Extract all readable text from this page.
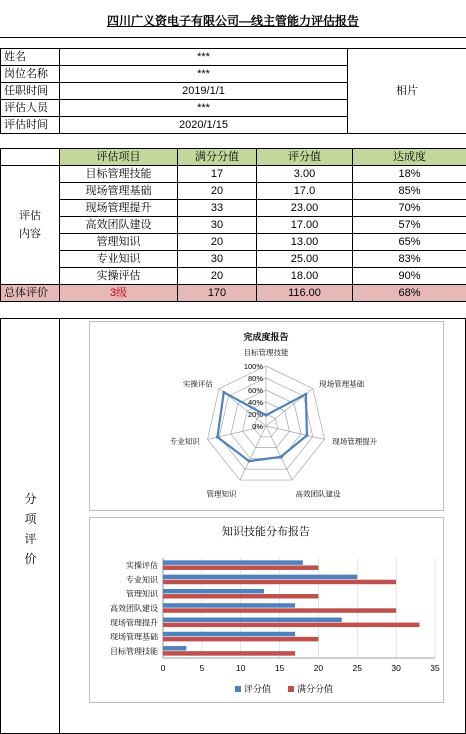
四川广义资电子有限公司—线主管能力评估报告
姓名	***	相片
岗位名称	***	
任职时间	2019/1/1	
评估人员	***	
评估时间	2020/1/15	
	评估项目	满分分值	评分值	达成度

评估
内容	目标管理技能	17	3.00	18%
	现场管理基础	20	17.0	85%
	现场管理提升	33	23.00	70%
	高效团队建设	30	17.00	57%
	管理知识	20	13.00	65%
	专业知识	30	25.00	83%
	实操评估	20	18.00	90%
总体评价	3级	170	116.00	68%
分
项
评
价
完成度报告
0%
20%
40%
60%
80%
100%
目标管理技能
现场管理基础
现场管理提升
高效团队建设
管理知识
专业知识
实操评估
知识技能分布报告
0	5	10	15	20	25	30	35
目标管理技能
现场管理基础
现场管理提升
高效团队建设
管理知识
专业知识
实操评估
评分值	满分分值
